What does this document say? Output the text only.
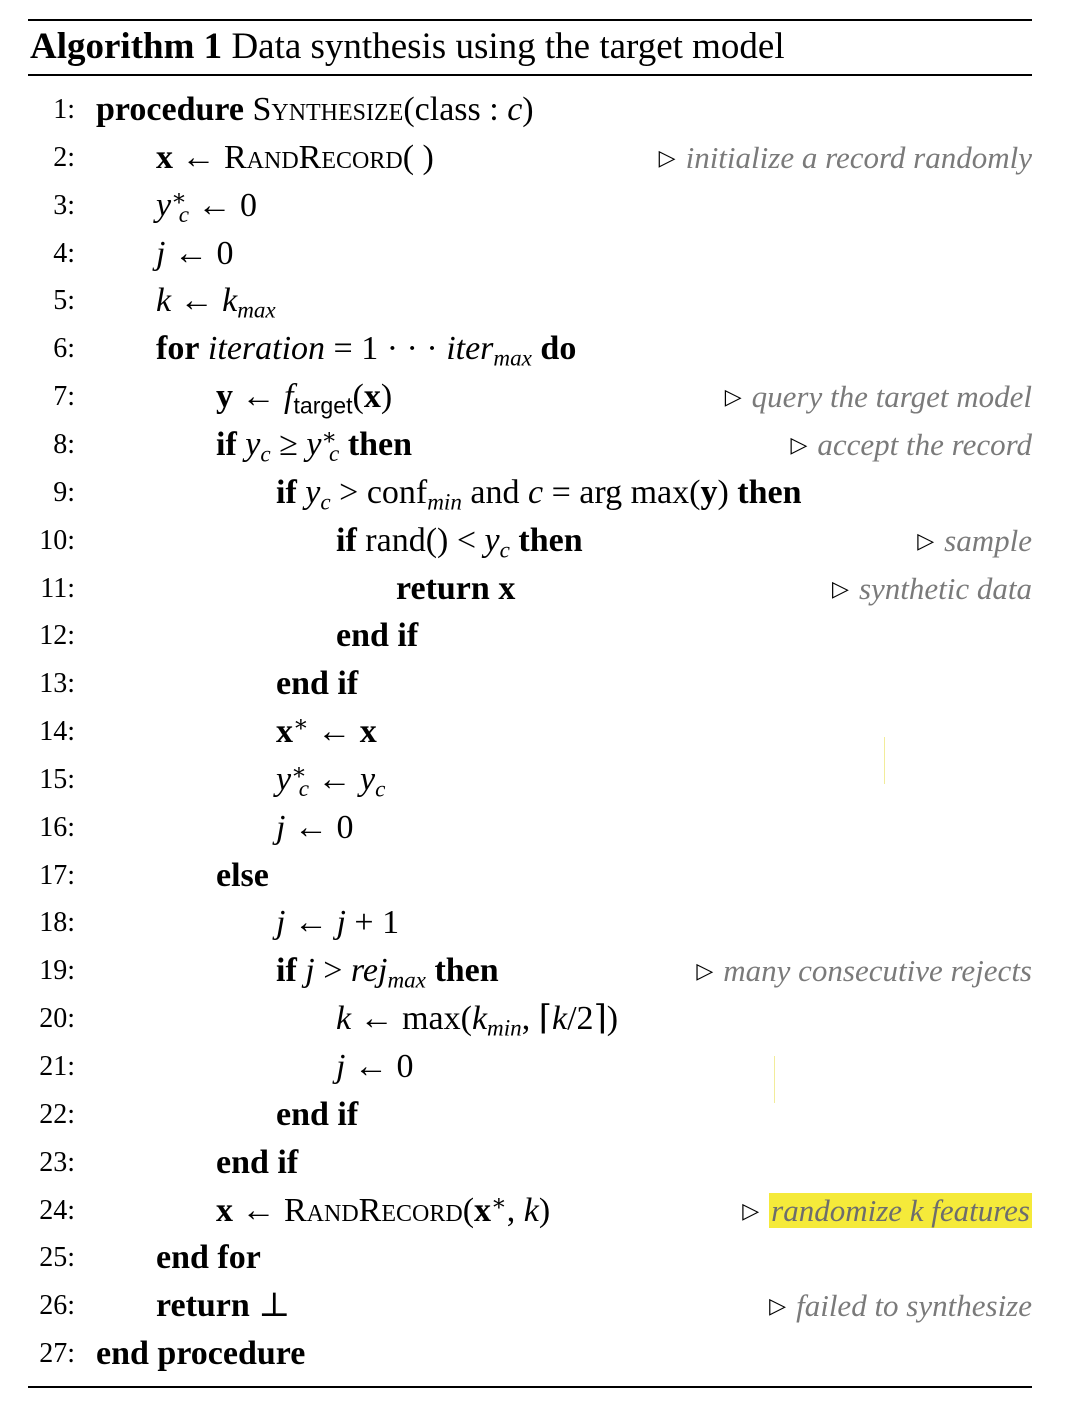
Algorithm 1 Data synthesis using the target model
1: procedure Synthesize(class : c)
2: x ← RandRecord( )	▷ initialize a record randomly
3: $y^∗_c$ ← 0
4: j ← 0
5: k ← $k_{max}$
6: for iteration = 1 · · · iter$_{max}$ do
7:	y ← $f_{target}(x)$	▷ query the target model
8:	if $y_c \ge y^∗_c$ then	▷ accept the record
9:	if $y_c$ > conf$_{min}$ and c = arg max(y) then
10:	if rand() < $y_c$ then	▷ sample
11:	return x	▷ synthetic data
12:	end if
13:	end if
14:	x∗ ← x
15:	$y^∗_c$ ← $y_c$
16:	j ← 0
17:	else
18:	j ← j + 1
19:	if j > rej$_{max}$ then	▷ many consecutive rejects
20:	k ← $\max(k_{min}$, ⌈k/2⌉)
21:	j ← 0
22:	end if
23:	end if
24:	x ← RandRecord(x∗, k)	▷ randomize k features
25: end for
26: return ⊥	▷ failed to synthesize
27: end procedure
